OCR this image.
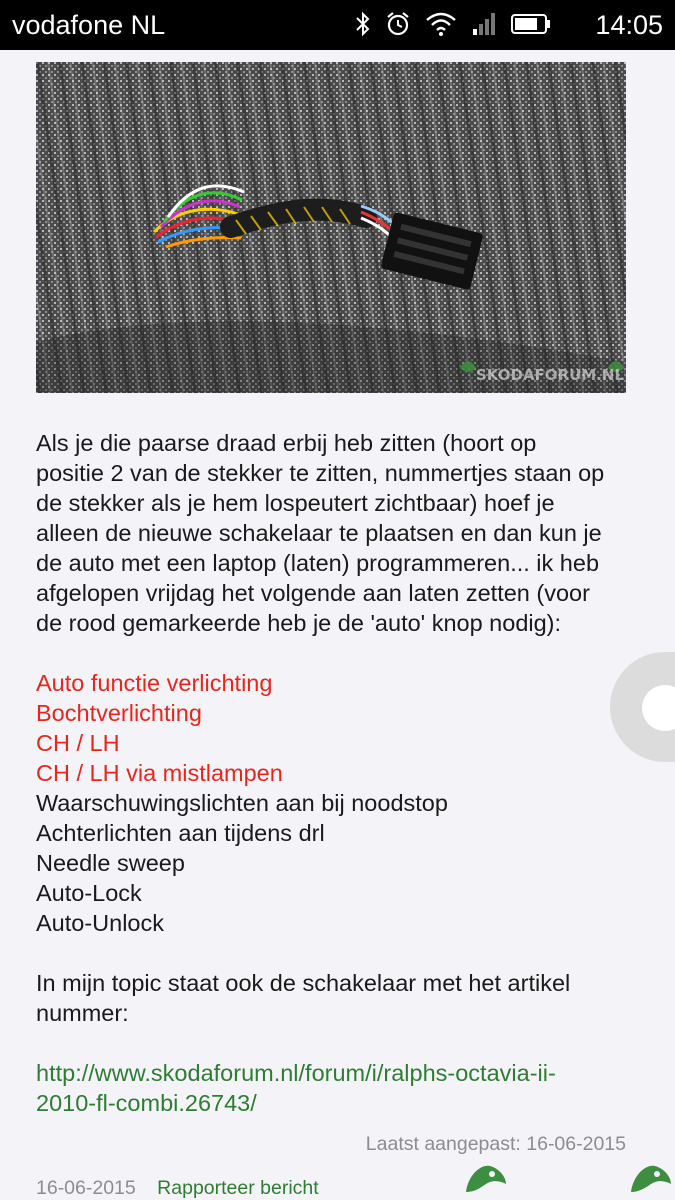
vodafone NL	14:05
SKODAFORUM.NL

Als je die paarse draad erbij heb zitten (hoort op

positie 2 van de stekker te zitten, nummertjes staan op

de stekker als je hem lospeutert zichtbaar) hoef je

alleen de nieuwe schakelaar te plaatsen en dan kun je

de auto met een laptop (laten) programmeren... ik heb

afgelopen vrijdag het volgende aan laten zetten (voor

de rood gemarkeerde heb je de 'auto' knop nodig):

Auto functie verlichting

Bochtverlichting

CH / LH

CH / LH via mistlampen

Waarschuwingslichten aan bij noodstop

Achterlichten aan tijdens drl

Needle sweep

Auto-Lock

Auto-Unlock

In mijn topic staat ook de schakelaar met het artikel

nummer:

http://www.skodaforum.nl/forum/i/ralphs-octavia-ii-
2010-fl-combi.26743/
Laatst aangepast: 16-06-2015
16-06-2015 Rapporteer bericht
